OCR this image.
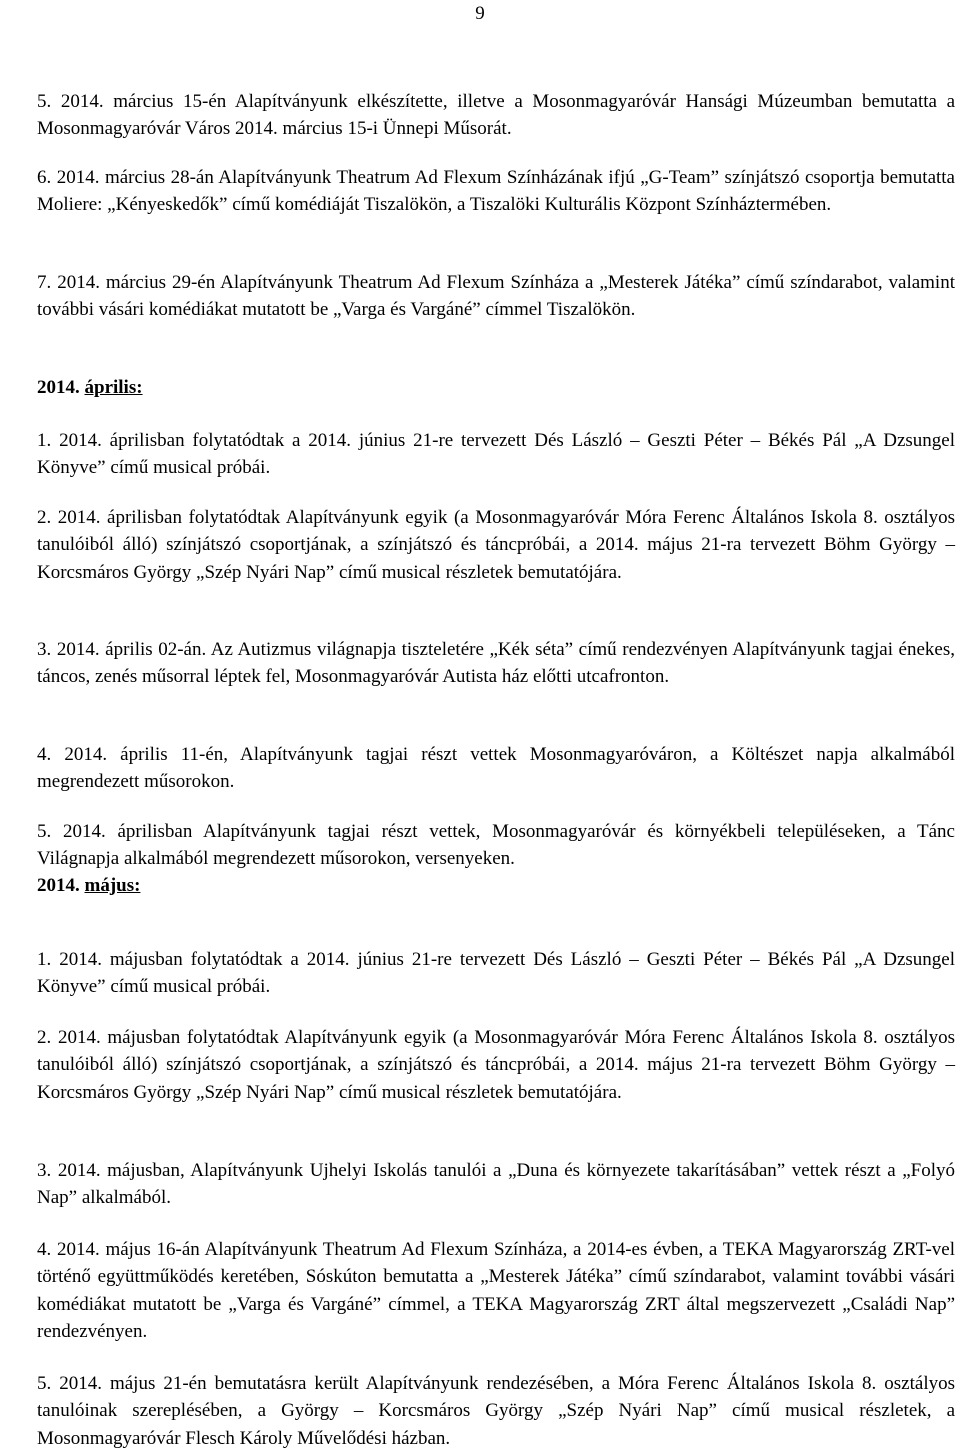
9

5. 2014. március 15-én Alapítványunk elkészítette, illetve a Mosonmagyaróvár Hansági Múzeumban bemutatta a Mosonmagyaróvár Város 2014. március 15-i Ünnepi Műsorát.

6. 2014. március 28-án Alapítványunk Theatrum Ad Flexum Színházának ifjú „G-Team” színjátszó csoportja bemutatta Moliere: „Kényeskedők” című komédiáját Tiszalökön, a Tiszalöki Kulturális Központ Színháztermében.

7. 2014. március 29-én Alapítványunk Theatrum Ad Flexum Színháza a „Mesterek Játéka” című színdarabot, valamint további vásári komédiákat mutatott be „Varga és Vargáné” címmel Tiszalökön.

2014. április:

1. 2014. áprilisban folytatódtak a 2014. június 21-re tervezett Dés László – Geszti Péter – Békés Pál „A Dzsungel Könyve” című musical próbái.

2. 2014. áprilisban folytatódtak Alapítványunk egyik (a Mosonmagyaróvár Móra Ferenc Általános Iskola 8. osztályos tanulóiból álló) színjátszó csoportjának, a színjátszó és táncpróbái, a 2014. május 21-ra tervezett Böhm György – Korcsmáros György „Szép Nyári Nap” című musical részletek bemutatójára.

3. 2014. április 02-án. Az Autizmus világnapja tiszteletére „Kék séta” című rendezvényen Alapítványunk tagjai énekes, táncos, zenés műsorral léptek fel, Mosonmagyaróvár Autista ház előtti utcafronton.

4. 2014. április 11-én, Alapítványunk tagjai részt vettek Mosonmagyaróváron, a Költészet napja alkalmából megrendezett műsorokon.

5. 2014. áprilisban Alapítványunk tagjai részt vettek, Mosonmagyaróvár és környékbeli településeken, a Tánc Világnapja alkalmából megrendezett műsorokon, versenyeken.

2014. május:

1. 2014. májusban folytatódtak a 2014. június 21-re tervezett Dés László – Geszti Péter – Békés Pál „A Dzsungel Könyve” című musical próbái.

2. 2014. májusban folytatódtak Alapítványunk egyik (a Mosonmagyaróvár Móra Ferenc Általános Iskola 8. osztályos tanulóiból álló) színjátszó csoportjának, a színjátszó és táncpróbái, a 2014. május 21-ra tervezett Böhm György – Korcsmáros György „Szép Nyári Nap” című musical részletek bemutatójára.

3. 2014. májusban, Alapítványunk Ujhelyi Iskolás tanulói a „Duna és környezete takarításában” vettek részt a „Folyó Nap” alkalmából.

4. 2014. május 16-án Alapítványunk Theatrum Ad Flexum Színháza, a 2014-es évben, a TEKA Magyarország ZRT-vel történő együttműködés keretében, Sóskúton bemutatta a „Mesterek Játéka” című színdarabot, valamint további vásári komédiákat mutatott be „Varga és Vargáné” címmel, a TEKA Magyarország ZRT által megszervezett „Családi Nap” rendezvényen.

5. 2014. május 21-én bemutatásra került Alapítványunk rendezésében, a Móra Ferenc Általános Iskola 8. osztályos tanulóinak szereplésében, a György – Korcsmáros György „Szép Nyári Nap” című musical részletek, a Mosonmagyaróvár Flesch Károly Művelődési házban.
